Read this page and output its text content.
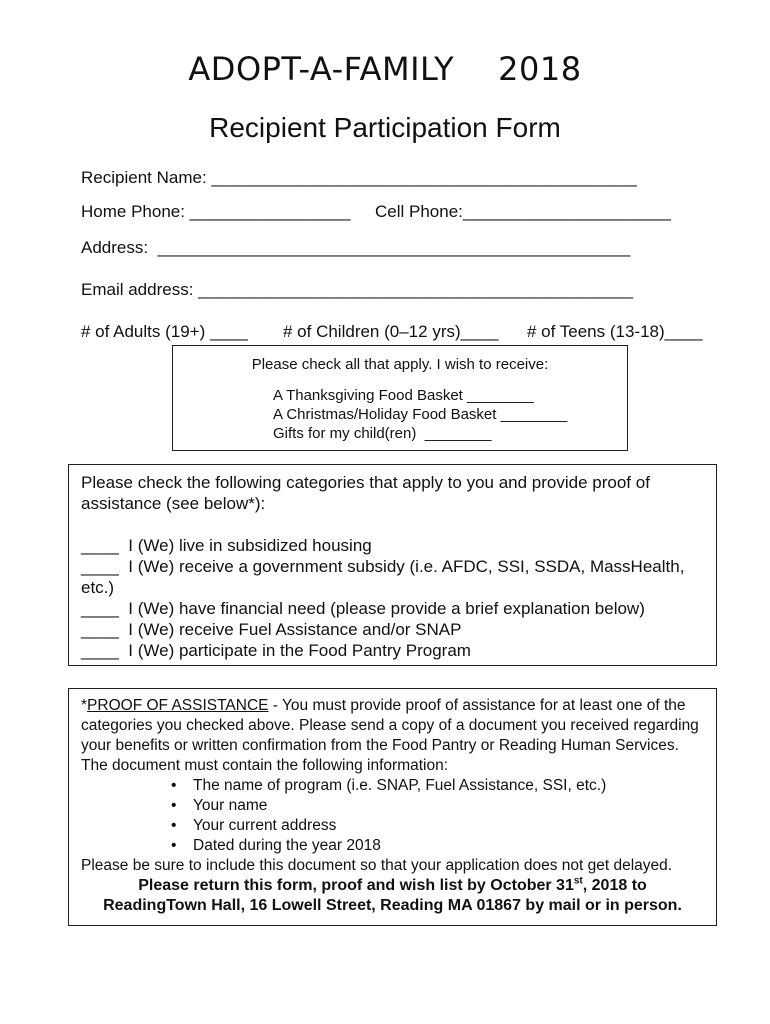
ADOPT-A-FAMILY 2018
Recipient Participation Form
Recipient Name: _____________________________________________
Home Phone: _________________ Cell Phone:______________________
Address:  __________________________________________________
Email address: ______________________________________________
# of Adults (19+) ____ # of Children (0–12 yrs)____ # of Teens (13-18)____
Please check all that apply. I wish to receive:
A Thanksgiving Food Basket ________
A Christmas/Holiday Food Basket ________
Gifts for my child(ren)  ________

Please check the following categories that apply to you and provide proof of assistance (see below*):

____  I (We) live in subsidized housing

____  I (We) receive a government subsidy (i.e. AFDC, SSI, SSDA, MassHealth, etc.)

____  I (We) have financial need (please provide a brief explanation below)

____  I (We) receive Fuel Assistance and/or SNAP

____  I (We) participate in the Food Pantry Program

*PROOF OF ASSISTANCE - You must provide proof of assistance for at least one of the categories you checked above. Please send a copy of a document you received regarding your benefits or written confirmation from the Food Pantry or Reading Human Services. The document must contain the following information:

• The name of program (i.e. SNAP, Fuel Assistance, SSI, etc.)
• Your name
• Your current address
• Dated during the year 2018

Please be sure to include this document so that your application does not get delayed.

Please return this form, proof and wish list by October 31st, 2018 to

ReadingTown Hall, 16 Lowell Street, Reading MA 01867 by mail or in person.
